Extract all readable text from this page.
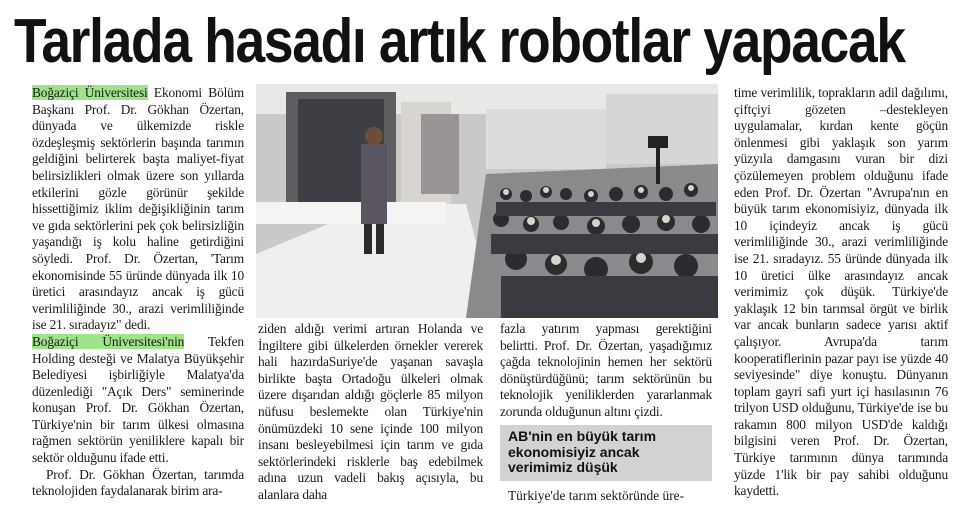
Tarlada hasadı artık robotlar yapacak

Boğaziçi Üniversitesi Ekonomi Bölüm Başkanı Prof. Dr. Gökhan Özertan, dünyada ve ülkemizde riskle özdeşleşmiş sektörlerin başında tarımın geldiğini belirterek başta maliyet-fiyat belirsizlikleri olmak üzere son yıllarda etkilerini gözle görünür şekilde hissettiğimiz iklim değişikliğinin tarım ve gıda sektörlerini pek çok belirsizliğin yaşandığı iş kolu haline getirdiğini söyledi. Prof. Dr. Özertan, 'Tarım ekonomisinde 55 üründe dünyada ilk 10 üretici arasındayız ancak iş gücü verimliliğinde 30., arazi verimliliğinde ise 21. sıradayız" dedi.

Boğaziçi Üniversitesi'nin Tekfen Holding desteği ve Malatya Büyükşehir Belediyesi işbirliğiyle Malatya'da düzenlediği "Açık Ders" seminerinde konuşan Prof. Dr. Gökhan Özertan, Türkiye'nin bir tarım ülkesi olmasına rağmen sektörün yeniliklere kapalı bir sektör olduğunu ifade etti.

Prof. Dr. Gökhan Özertan, tarımda teknolojiden faydalanarak birim ara-

ziden aldığı verimi artıran Holanda ve İngiltere gibi ülkelerden örnekler vererek hali hazırdaSuriye'de yaşanan savaşla birlikte başta Ortadoğu ülkeleri olmak üzere dışarıdan aldığı göçlerle 85 milyon nüfusu beslemekte olan Türkiye'nin önümüzdeki 10 sene içinde 100 milyon insanı besleyebilmesi için tarım ve gıda sektörlerindeki risklerle baş edebilmek adına uzun vadeli bakış açısıyla, bu alanlara daha

fazla yatırım yapması gerektiğini belirtti. Prof. Dr. Özertan, yaşadığımız çağda teknolojinin hemen her sektörü dönüştürdüğünü; tarım sektörünün bu teknolojik yeniliklerden yararlanmak zorunda olduğunun altını çizdi.

AB'nin en büyük tarım ekonomisiyiz ancak verimimiz düşük

Türkiye'de tarım sektöründe üre-

time verimlilik, toprakların adil dağılımı, çiftçiyi gözeten –destekleyen uygulamalar, kırdan kente göçün önlenmesi gibi yaklaşık son yarım yüzyıla damgasını vuran bir dizi çözülemeyen problem olduğunu ifade eden Prof. Dr. Özertan "Avrupa'nın en büyük tarım ekonomisiyiz, dünyada ilk 10 içindeyiz ancak iş gücü verimliliğinde 30., arazi verimliliğinde ise 21. sıradayız. 55 üründe dünyada ilk 10 üretici ülke arasındayız ancak verimimiz çok düşük. Türkiye'de yaklaşık 12 bin tarımsal örgüt ve birlik var ancak bunların sadece yarısı aktif çalışıyor. Avrupa'da tarım kooperatiflerinin pazar payı ise yüzde 40 seviyesinde" diye konuştu. Dünyanın toplam gayri safi yurt içi hasılasının 76 trilyon USD olduğunu, Türkiye'de ise bu rakamın 800 milyon USD'de kaldığı bilgisini veren Prof. Dr. Özertan, Türkiye tarımının dünya tarımında yüzde 1'lik bir pay sahibi olduğunu kaydetti.
